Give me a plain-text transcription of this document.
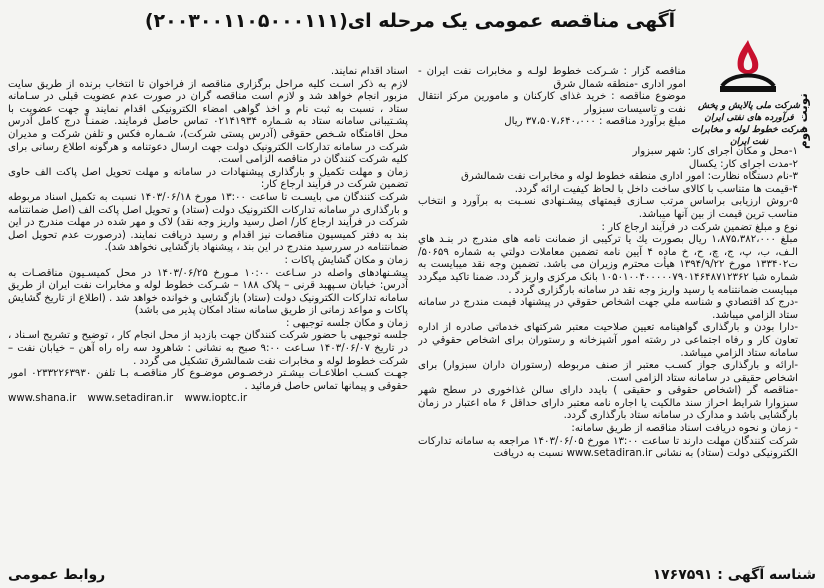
آگهی مناقصه عمومی یک مرحله ای(۲۰۰۳۰۰۱۱۰۵۰۰۰۱۱۱)
شرکت ملی پالایش و پخش فرآورده های نفتی ایران
شرکت خطوط لوله و مخابرات نفت ایران	نوبت دوم

مناقصه گزار : شـرکت خطوط لولـه و مخابرات نفت ایران - امور اداری -منطقه شمال شرق

موضوع مناقصه : خرید غذای کارکنان و مامورین مرکز انتقال نفت و تاسیسات سبزوار

مبلغ برآورد مناقصه : ۳۷،۵۰۷،۶۴۰،۰۰۰ ریال

۱-محل و مکان اجرای کار: شهر سبزوار

۲-مدت اجرای کار: یکسال

۳-نام دستگاه نظارت: امور اداری منطقه خطوط لوله و مخابرات نفت شمالشرق

۴-قیمت ها متناسب با کالای ساخت داخل با لحاظ کیفیت ارائه گردد.

۵-روش ارزیابی براساس مرتب سـازی قیمتهای پیشـنهادی نسـبت به برآورد و انتخاب مناسب ترین قیمت از بین آنها میباشد.

نوع و مبلغ تضمین شرکت در فرآیند ارجاع کار :

مبلغ ۱،۸۷۵،۳۸۲،۰۰۰ ریال بصورت یك یا تركیبی از ضمانت نامه های مندرج در بنـد هاي الـف، ب، پ، ج، چ، ح، خ ماده ۴ آیین نامه تضمین معاملات دولتي به شماره ۵۰۶۵۹/ت۱۳۳۴۰۲ مورخ ۱۳۹۴/۹/۲۲ هیأت محترم وزیران می باشد. تضمین وجه نقد ميبايست به شماره شبا ۱۰۵۰۱۰۰۴۰۰۰۰۰۷۹۰۱۴۶۴۸۷۱۲۳۶۲ بانک مرکزی واریز گردد. ضمنا تاكيد میگردد میبايست ضمانتنامه یا رسید واریز وجه نقد در سامانه بارگزاری گردد .

-درج کد اقتصادي و شناسه ملي جهت اشخاص حقوقي در پيشنهاد قیمت مندرج در سامانه ستاد الزامي ميباشد.

-دارا بودن و بارگذاری گواهینامه تعیین صلاحیت معتبر شرکتهای خدماتی صادره از اداره تعاون کار و رفاه اجتماعی در رشته امور آشپزخانه و رستوران برای اشخاص حقوقي در سامانه ستاد الزامي ميباشد.

-ارائه و بارگذاری جواز کسـب معتبر از صنف مربوطه (رستوران داران سبزوار) برای اشخاص حقیقی در سامانه ستاد الزامی است.

-مناقصه گر (اشخاص حقوقی و حقیقی ) بایدد دارای سالن غذاخوری در سطح شهر سبزوارا شرایط احراز سند مالکیت یا اجاره نامه معتبر دارای حداقل ۶ ماه اعتبار در زمان بارگشایی باشد و مدارک در سامانه ستاد بارگذاری گردد.

- زمان و نحوه دریافت اسناد مناقصه از طریق سامانه:

شرکت کنندگان مهلت دارند تا ساعت ۱۳:۰۰ مورخ ۱۴۰۳/۰۶/۰۵ مراجعه به سامانه تدارکات الکترونیکی دولت (ستاد) به نشانی www.setadiran.ir نسبت به دریافت

اسناد اقدام نمایند.

لازم به ذکر اسـت کلیه مراحل برگزاری مناقصه از فراخوان تا انتخاب برنده از طریق سایت مزبور انجام خواهد شد و لازم است مناقصه گران در صورت عدم عضویت قبلی در سـامانه ستاد ، نسبت به ثبت نام و اخذ گواهی امضاء الکترونیکی اقدام نمایند و جهت عضویت با پشـتیبانی سامانه ستاد به شـماره ۰۲۱۴۱۹۳۴ تماس حاصل فرمایند. ضمنـاً درج کامل آدرس محل اقامتگاه شـخص حقوقی (آدرس پستی شرکت)، شـماره فکس و تلفن شرکت و مدیران شرکت در سامانه تدارکات الکترونیک دولت جهت ارسال دعوتنامه و هرگونه اطلاع رسانی برای کلیه شرکت کنندگان در مناقصه الزامی است.

زمان و مهلت تکمیل و بارگذاری پیشنهادات در سامانه و مهلت تحویل اصل پاکت الف حاوی تضمین شرکت در فرآیند ارجاع کار:

شرکت کنندگان می بایسـت تا ساعت ۱۳:۰۰ مورخ ۱۴۰۳/۰۶/۱۸ نسبت به تکمیل اسناد مربوطه و بارگذاری در سامانه تدارکات الکترونیک دولت (ستاد) و تحویل اصل پاکت الف (اصل ضمانتنامه شرکت در فرآیند ارجاع کار/ اصل رسید واریز وجه نقد) لاک و مهر شده در مهلت مندرج در این بند به دفتر کمیسیون مناقصات نیز اقدام و رسید دریافت نمایند. (درصورت عدم تحویل اصل ضمانتنامه در سررسید مندرج در این بند ، پیشنهاد بازگشایی نخواهد شد).

زمان و مکان گشایش پاکات :

پیشـنهادهای واصله در سـاعت ۱۰:۰۰ مـورخ ۱۴۰۳/۰۶/۲۵ در محل کمیسـیون مناقصـات به آدرس: خیابان سـپهبد قرنی – پلاک ۱۸۸ – شـرکت خطوط لوله و مخابرات نفت ایران از طریق سامانه تدارکات الکترونیک دولت (ستاد) بازگشایی و خوانده خواهد شد . (اطلاع از تاریخ گشایش پاکات و مواعد زمانی از طریق سامانه ستاد امکان پذیر می باشد)

زمان و مکان جلسه توجیهی :

جلسه توجیهی با حضور شرکت کنندگان جهت بازدید از محل انجام کار ، توضیح و تشریح اسـناد ، در تاریخ ۱۴۰۳/۰۶/۰۷ سـاعت ۹:۰۰ صبح به نشانی : شاهرود سه راه راه آهن – خیابان نفت – شرکت خطوط لوله و مخابرات نفت شمالشرق تشکیل می گردد .

جهـت کسـب اطلاعـات بیشـتر درخصـوص موضـوع کار مناقصـه بـا تلفن ۰۲۳۳۲۲۶۳۹۳۰ امور حقوقی و پیمانها تماس حاصل فرمائید .

www.shana.ir www.setadiran.ir www.ioptc.ir

شناسه آگهی : ۱۷۶۷۵۹۱
روابط عمومی
